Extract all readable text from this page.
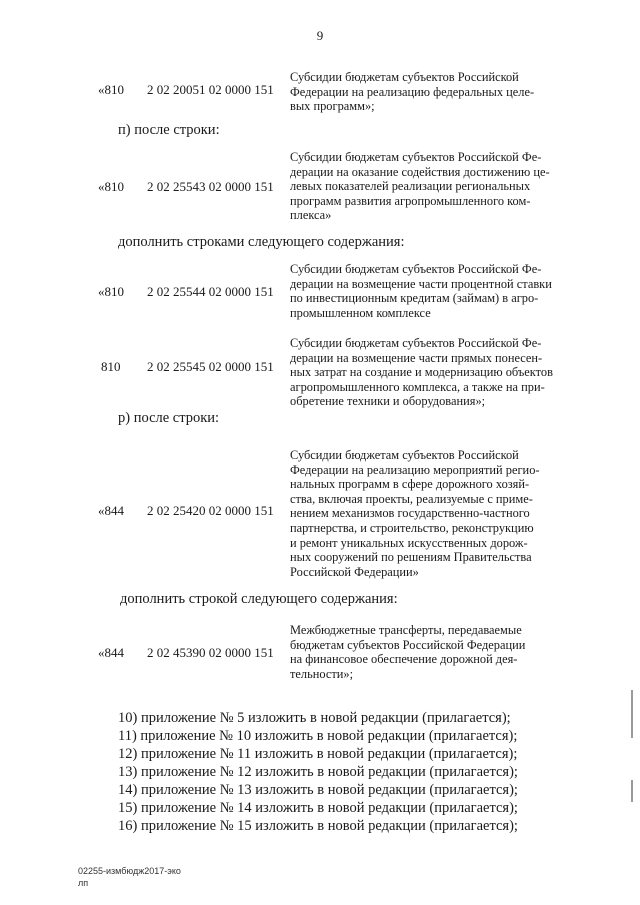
9
«810 2 02 20051 02 0000 151
Субсидии бюджетам субъектов Российской
Федерации на реализацию федеральных целе-
вых программ»;
п) после строки:
«810 2 02 25543 02 0000 151
Субсидии бюджетам субъектов Российской Фе-
дерации на оказание содействия достижению це-
левых показателей реализации региональных
программ развития агропромышленного ком-
плекса»
дополнить строками следующего содержания:
«810 2 02 25544 02 0000 151
Субсидии бюджетам субъектов Российской Фе-
дерации на возмещение части процентной ставки
по инвестиционным кредитам (займам) в агро-
промышленном комплексе
810 2 02 25545 02 0000 151
Субсидии бюджетам субъектов Российской Фе-
дерации на возмещение части прямых понесен-
ных затрат на создание и модернизацию объектов
агропромышленного комплекса, а также на при-
обретение техники и оборудования»;
р) после строки:
«844 2 02 25420 02 0000 151
Субсидии бюджетам субъектов Российской
Федерации на реализацию мероприятий регио-
нальных программ в сфере дорожного хозяй-
ства, включая проекты, реализуемые с приме-
нением механизмов государственно-частного
партнерства, и строительство, реконструкцию
и ремонт уникальных искусственных дорож-
ных сооружений по решениям Правительства
Российской Федерации»
дополнить строкой следующего содержания:
«844 2 02 45390 02 0000 151
Межбюджетные трансферты, передаваемые
бюджетам субъектов Российской Федерации
на финансовое обеспечение дорожной дея-
тельности»;
10) приложение № 5 изложить в новой редакции (прилагается);
11) приложение № 10 изложить в новой редакции (прилагается);
12) приложение № 11 изложить в новой редакции (прилагается);
13) приложение № 12 изложить в новой редакции (прилагается);
14) приложение № 13 изложить в новой редакции (прилагается);
15) приложение № 14 изложить в новой редакции (прилагается);
16) приложение № 15 изложить в новой редакции (прилагается);
02255-измбюдж2017-эко
лп
